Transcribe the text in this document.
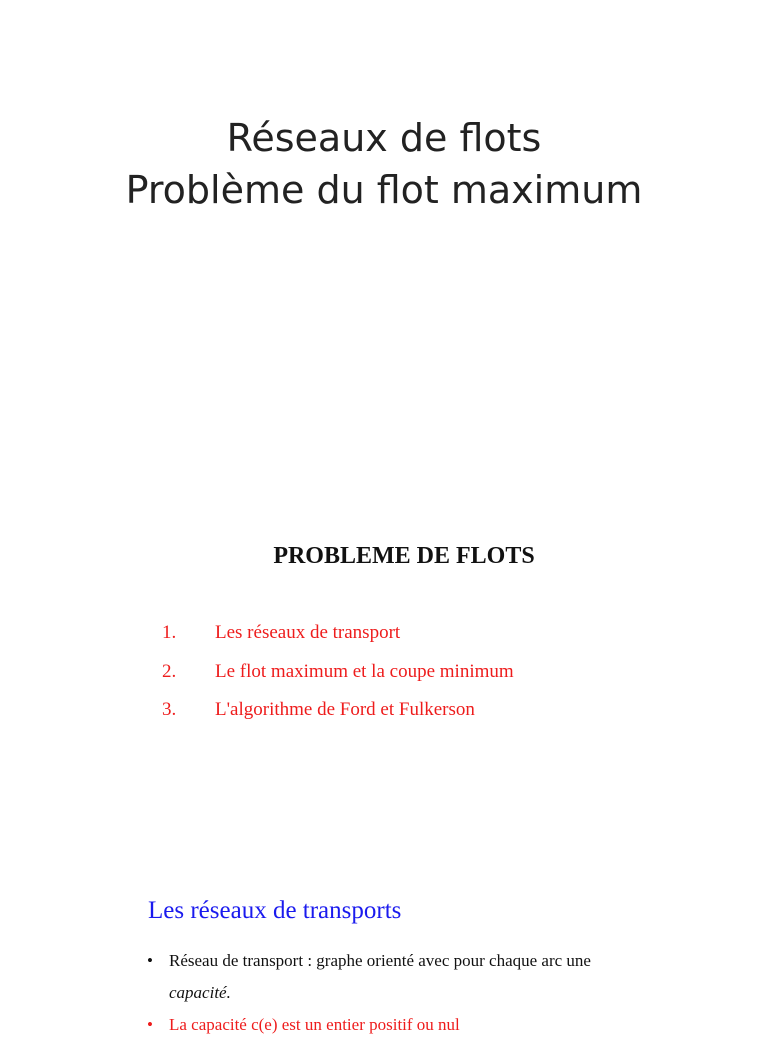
Réseaux de flots
Problème du flot maximum
PROBLEME DE FLOTS
1. Les réseaux de transport
2. Le flot maximum et la coupe minimum
3. L'algorithme de Ford et Fulkerson
Les réseaux de transports
• Réseau de transport : graphe orienté avec pour chaque arc une
capacité.
• La capacité c(e) est un entier positif ou nul
